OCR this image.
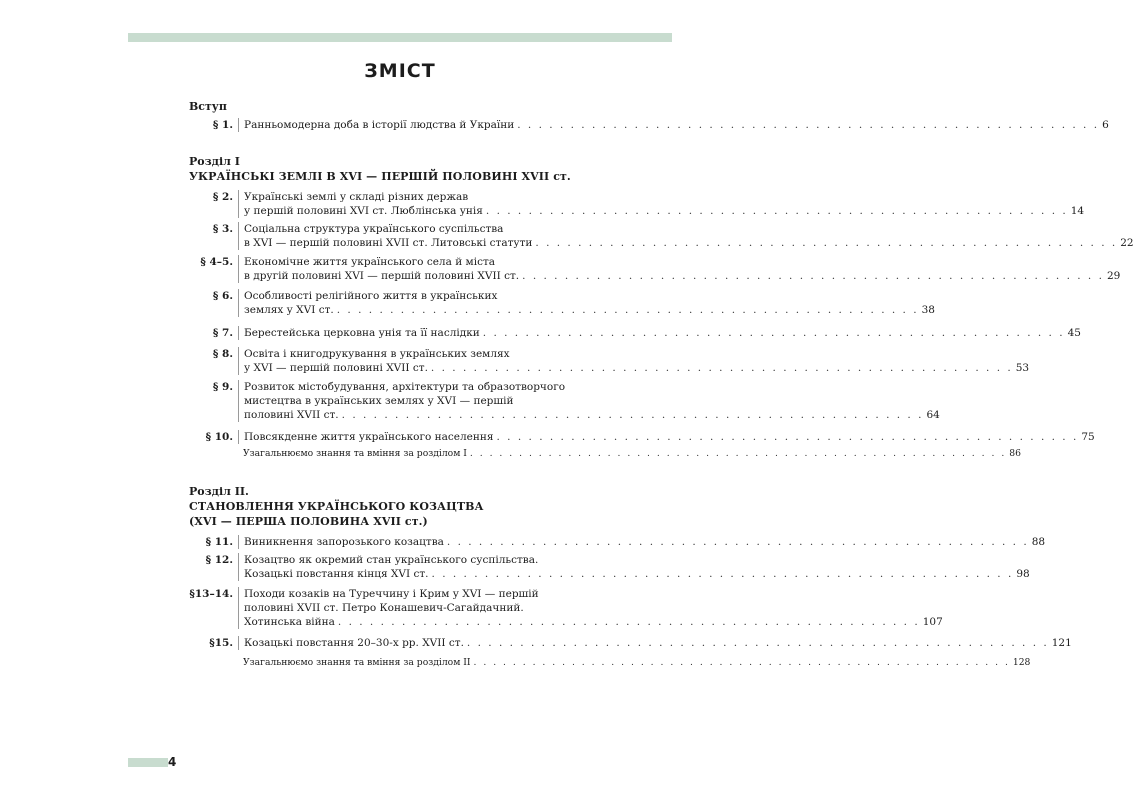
ЗМІСТ
Вступ
§ 1. Ранньомодерна доба в історії людства й України . . . . . . . . . . . . . . . . . . . . . . . . . . . . . . . . . . . . . . . . . . . . . . . . . . . . . . . 6
Розділ І
УКРАЇНСЬКІ ЗЕМЛІ В XVI — ПЕРШІЙ ПОЛОВИНІ XVII ст.
§ 2. Українські землі у складі різних держав
у першій половині XVI ст. Люблінська унія . . . . . . . . . . . . . . . . . . . . . . . . . . . . . . . . . . . . . . . . . . . . . . . . . . . . . . . 14
§ 3. Соціальна структура українського суспільства
в XVI — першій половині XVII ст. Литовські статути . . . . . . . . . . . . . . . . . . . . . . . . . . . . . . . . . . . . . . . . . . . . . . . . . . . . . . . 22
§ 4–5. Економічне життя українського села й міста
в другій половині XVI — першій половині XVII ст. . . . . . . . . . . . . . . . . . . . . . . . . . . . . . . . . . . . . . . . . . . . . . . . . . . . . . . . 29
§ 6. Особливості релігійного життя в українських
землях у XVI ст. . . . . . . . . . . . . . . . . . . . . . . . . . . . . . . . . . . . . . . . . . . . . . . . . . . . . . . . 38
§ 7. Берестейська церковна унія та її наслідки . . . . . . . . . . . . . . . . . . . . . . . . . . . . . . . . . . . . . . . . . . . . . . . . . . . . . . . 45
§ 8. Освіта і книгодрукування в українських землях
у XVI — першій половині XVII ст. . . . . . . . . . . . . . . . . . . . . . . . . . . . . . . . . . . . . . . . . . . . . . . . . . . . . . . . 53
§ 9. Розвиток містобудування, архітектури та образотворчого
мистецтва в українських землях у XVI — першій
половині XVII ст. . . . . . . . . . . . . . . . . . . . . . . . . . . . . . . . . . . . . . . . . . . . . . . . . . . . . . . . 64
§ 10. Повсякденне життя українського населення . . . . . . . . . . . . . . . . . . . . . . . . . . . . . . . . . . . . . . . . . . . . . . . . . . . . . . . 75
Узагальнюємо знання та вміння за розділом І . . . . . . . . . . . . . . . . . . . . . . . . . . . . . . . . . . . . . . . . . . . . . . . . . . . . . . . 86
Розділ ІІ.
СТАНОВЛЕННЯ УКРАЇНСЬКОГО КОЗАЦТВА
(XVI — ПЕРША ПОЛОВИНА XVII ст.)
§ 11. Виникнення запорозького козацтва . . . . . . . . . . . . . . . . . . . . . . . . . . . . . . . . . . . . . . . . . . . . . . . . . . . . . . . 88
§ 12. Козацтво як окремий стан українського суспільства.
Козацькі повстання кінця XVI ст. . . . . . . . . . . . . . . . . . . . . . . . . . . . . . . . . . . . . . . . . . . . . . . . . . . . . . . . 98
§13–14. Походи козаків на Туреччину і Крим у XVI — першій
половині XVII ст. Петро Конашевич-Сагайдачний.
Хотинська війна . . . . . . . . . . . . . . . . . . . . . . . . . . . . . . . . . . . . . . . . . . . . . . . . . . . . . . . 107
§15. Козацькі повстання 20–30-х рр. XVII ст. . . . . . . . . . . . . . . . . . . . . . . . . . . . . . . . . . . . . . . . . . . . . . . . . . . . . . . . 121
Узагальнюємо знання та вміння за розділом ІІ . . . . . . . . . . . . . . . . . . . . . . . . . . . . . . . . . . . . . . . . . . . . . . . . . . . . . . . 128
4
